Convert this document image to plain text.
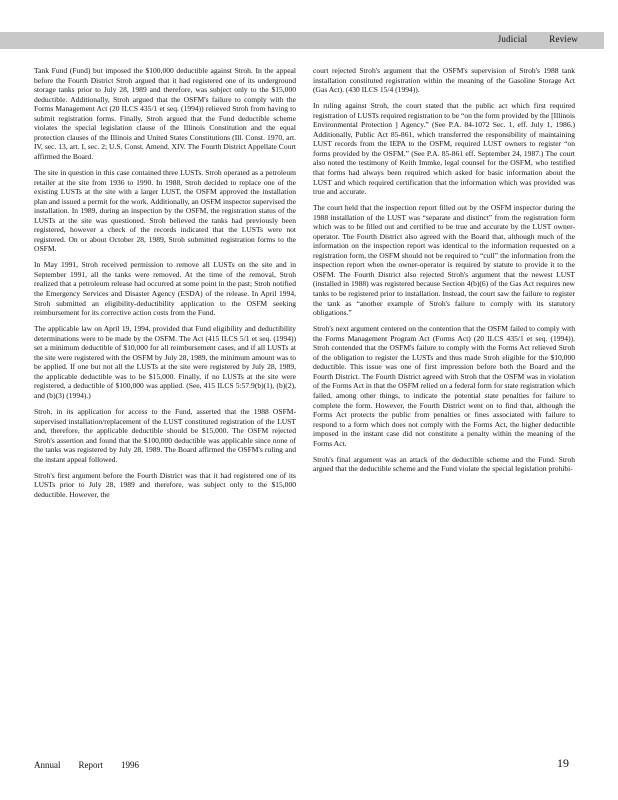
Judicial Review

Tank Fund (Fund) but imposed the $100,000 deductible against Stroh. In the appeal before the Fourth District Stroh argued that it had registered one of its underground storage tanks prior to July 28, 1989 and therefore, was subject only to the $15,000 deductible. Additionally, Stroh argued that the OSFM's failure to comply with the Forms Management Act (20 ILCS 435/1 et seq. (1994)) relieved Stroh from having to submit registration forms. Finally, Stroh argued that the Fund deductible scheme violates the special legislation clause of the Illinois Constitution and the equal protection clauses of the Illinois and United States Constitutions (Ill. Const. 1970, art. IV, sec. 13, art. I, sec. 2; U.S. Const. Amend. XIV. The Fourth District Appellate Court affirmed the Board.

The site in question in this case contained three LUSTs. Stroh operated as a petroleum retailer at the site from 1936 to 1990. In 1988, Stroh decided to replace one of the existing LUSTs at the site with a larger LUST, the OSFM approved the installation plan and issued a permit for the work. Additionally, an OSFM inspector supervised the installation. In 1989, during an inspection by the OSFM, the registration status of the LUSTs at the site was questioned. Stroh believed the tanks had previously been registered, however a check of the records indicated that the LUSTs were not registered. On or about October 28, 1989, Stroh submitted registration forms to the OSFM.

In May 1991, Stroh received permission to remove all LUSTs on the site and in September 1991, all the tanks were removed. At the time of the removal, Stroh realized that a petroleum release had occurred at some point in the past; Stroh notified the Emergency Services and Disaster Agency (ESDA) of the release. In April 1994, Stroh submitted an eligibility-deductibility application to the OSFM seeking reimbursement for its corrective action costs from the Fund.

The applicable law on April 19, 1994, provided that Fund eligibility and deductibility determinations were to be made by the OSFM. The Act (415 ILCS 5/1 et seq. (1994)) set a minimum deductible of $10,000 for all reimbursement cases, and if all LUSTs at the site were registered with the OSFM by July 28, 1989, the minimum amount was to be applied. If one but not all the LUSTs at the site were registered by July 28, 1989, the applicable deductible was to be $15,000. Finally, if no LUSTs at the site were registered, a deductible of $100,000 was applied. (See, 415 ILCS 5:57.9(b)(1), (b)(2), and (b)(3) (1994).)

Stroh, in its application for access to the Fund, asserted that the 1988 OSFM-supervised installation/replacement of the LUST constituted registration of the LUST and, therefore, the applicable deductible should be $15,000. The OSFM rejected Stroh's assertion and found that the $100,000 deductible was applicable since none of the tanks was registered by July 28, 1989. The Board affirmed the OSFM's ruling and the instant appeal followed.

Stroh's first argument before the Fourth District was that it had registered one of its LUSTs prior to July 28, 1989 and therefore, was subject only to the $15,000 deductible. However, the

court rejected Stroh's argument that the OSFM's supervision of Stroh's 1988 tank installation constituted registration within the meaning of the Gasoline Storage Act (Gas Act). (430 ILCS 15/4 (1994)).

In ruling against Stroh, the court stated that the public act which first required registration of LUSTs required registration to be “on the form provided by the [Illinois Environmental Protection ] Agency.” (See P.A. 84-1072 Sec. 1, eff. July 1, 1986.) Additionally, Public Act 85-861, which transferred the responsibility of maintaining LUST records from the IEPA to the OSFM, required LUST owners to register “on forms provided by the OSFM.” (See P.A. 85-861 eff. September 24, 1987.) The court also noted the testimony of Keith Immke, legal counsel for the OSFM, who testified that forms had always been required which asked for basic information about the LUST and which required certification that the information which was provided was true and accurate.

The court held that the inspection report filled out by the OSFM inspector during the 1988 installation of the LUST was “separate and distinct” from the registration form which was to be filled out and certified to be true and accurate by the LUST owner-operator. The Fourth District also agreed with the Board that, although much of the information on the inspection report was identical to the information requested on a registration form, the OSFM should not be required to “cull” the information from the inspection report when the owner-operator is required by statute to provide it to the OSFM. The Fourth District also rejected Stroh's argument that the newest LUST (installed in 1988) was registered because Section 4(b)(6) of the Gas Act requires new tanks to be registered prior to installation. Instead, the court saw the failure to register the tank as “another example of Stroh's failure to comply with its statutory obligations.”

Stroh's next argument centered on the contention that the OSFM failed to comply with the Forms Management Program Act (Forms Act) (20 ILCS 435/1 et seq. (1994)). Stroh contended that the OSFM's failure to comply with the Forms Act relieved Stroh of the obligation to register the LUSTs and thus made Stroh eligible for the $10,000 deductible. This issue was one of first impression before both the Board and the Fourth District. The Fourth District agreed with Stroh that the OSFM was in violation of the Forms Act in that the OSFM relied on a federal form for state registration which failed, among other things, to indicate the potential state penalties for failure to complete the form. However, the Fourth District went on to find that, although the Forms Act protects the public from penalties or fines associated with failure to respond to a form which does not comply with the Forms Act, the higher deductible imposed in the instant case did not constitute a penalty within the meaning of the Forms Act.

Stroh's final argument was an attack of the deductible scheme and the Fund. Stroh argued that the deductible scheme and the Fund violate the special legislation prohibi-

Annual Report 1996	19
